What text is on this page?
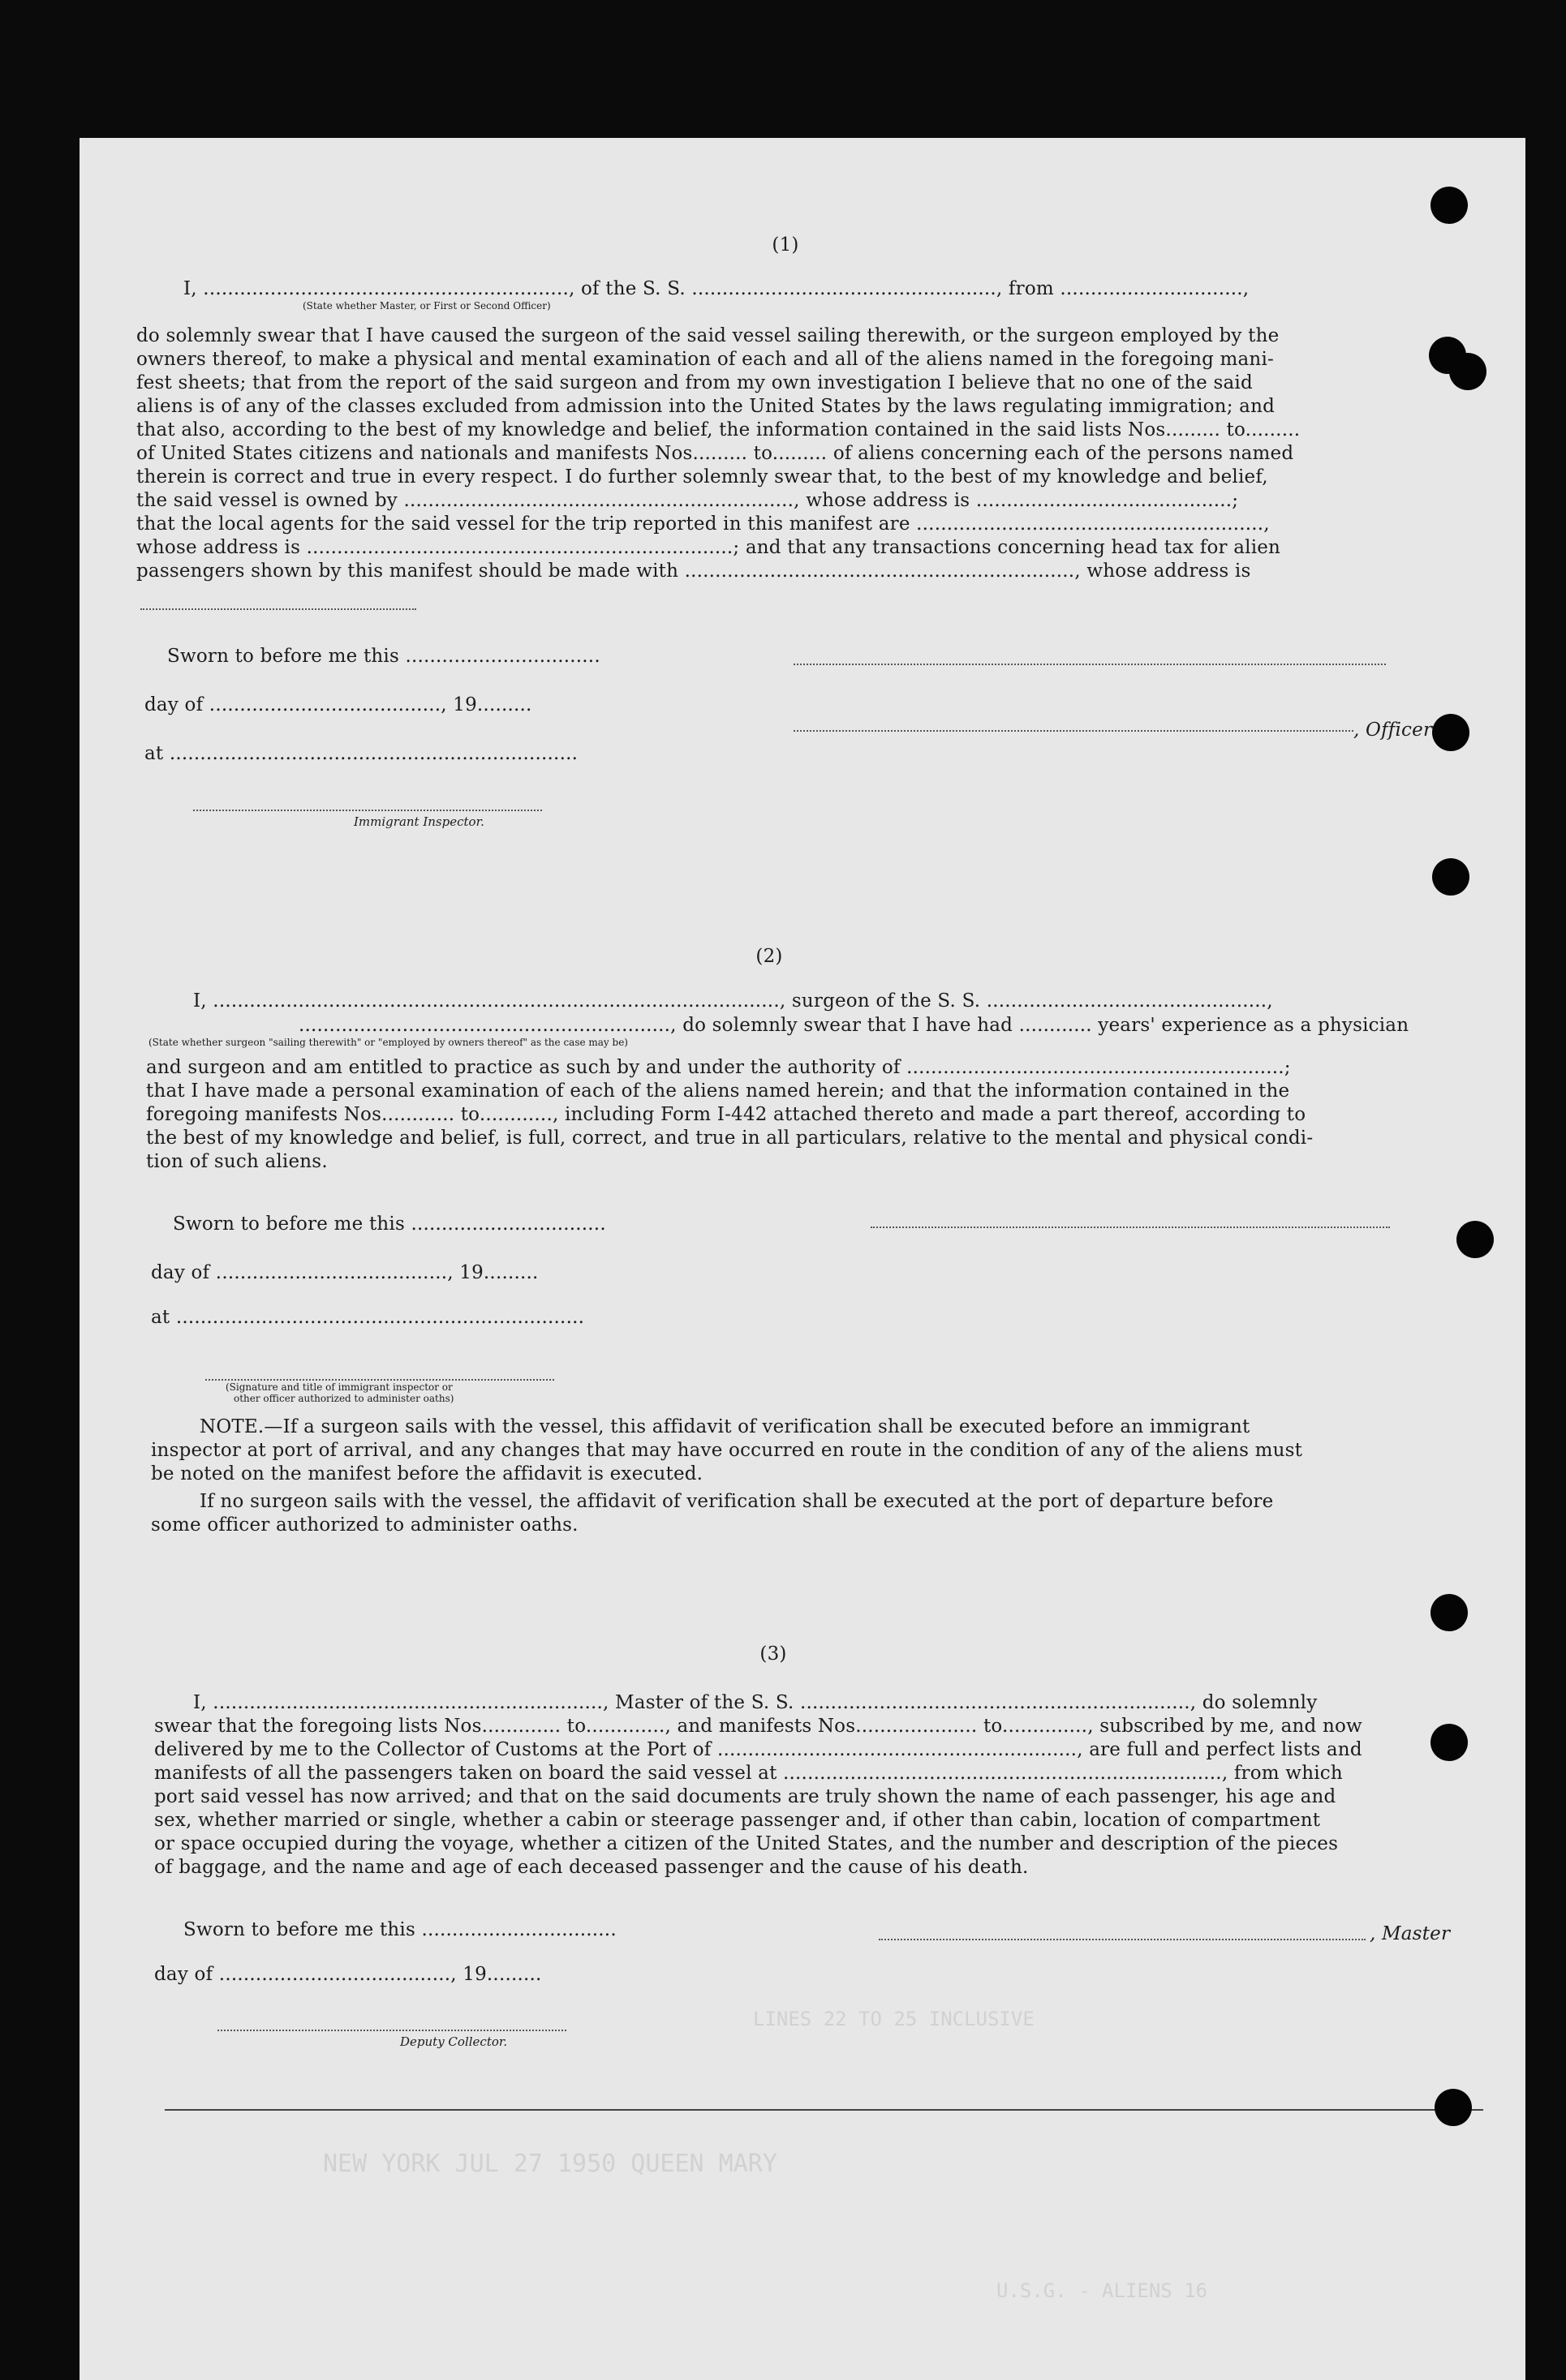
NEW YORK JUL 27 1950 QUEEN MARY
LINES 22 TO 25 INCLUSIVE
U.S.G. - ALIENS 16
(1)
I, ............................................................, of the S. S. .................................................., from ..............................,
(State whether Master, or First or Second Officer)
do solemnly swear that I have caused the surgeon of the said vessel sailing therewith, or the surgeon employed by the
owners thereof, to make a physical and mental examination of each and all of the aliens named in the foregoing mani-
fest sheets; that from the report of the said surgeon and from my own investigation I believe that no one of the said
aliens is of any of the classes excluded from admission into the United States by the laws regulating immigration; and
that also, according to the best of my knowledge and belief, the information contained in the said lists Nos......... to.........
of United States citizens and nationals and manifests Nos......... to......... of aliens concerning each of the persons named
therein is correct and true in every respect. I do further solemnly swear that, to the best of my knowledge and belief,
the said vessel is owned by ................................................................, whose address is ..........................................;
that the local agents for the said vessel for the trip reported in this manifest are .........................................................,
whose address is ......................................................................; and that any transactions concerning head tax for alien
passengers shown by this manifest should be made with ................................................................, whose address is
Sworn to before me this ................................
day of ......................................, 19.........
, Officer
at ...................................................................
Immigrant Inspector.
(2)
I, ............................................................................................., surgeon of the S. S. ..............................................,
............................................................., do solemnly swear that I have had ............ years' experience as a physician
(State whether surgeon "sailing therewith" or "employed by owners thereof" as the case may be)
and surgeon and am entitled to practice as such by and under the authority of ..............................................................;
that I have made a personal examination of each of the aliens named herein; and that the information contained in the
foregoing manifests Nos............ to............, including Form I-442 attached thereto and made a part thereof, according to
the best of my knowledge and belief, is full, correct, and true in all particulars, relative to the mental and physical condi-
tion of such aliens.
Sworn to before me this ................................
day of ......................................, 19.........
at ...................................................................
(Signature and title of immigrant inspector or
other officer authorized to administer oaths)
NOTE.—If a surgeon sails with the vessel, this affidavit of verification shall be executed before an immigrant
inspector at port of arrival, and any changes that may have occurred en route in the condition of any of the aliens must
be noted on the manifest before the affidavit is executed.
If no surgeon sails with the vessel, the affidavit of verification shall be executed at the port of departure before
some officer authorized to administer oaths.
(3)
I, ................................................................, Master of the S. S. ................................................................, do solemnly
swear that the foregoing lists Nos............. to............., and manifests Nos.................... to.............., subscribed by me, and now
delivered by me to the Collector of Customs at the Port of ..........................................................., are full and perfect lists and
manifests of all the passengers taken on board the said vessel at ........................................................................, from which
port said vessel has now arrived; and that on the said documents are truly shown the name of each passenger, his age and
sex, whether married or single, whether a cabin or steerage passenger and, if other than cabin, location of compartment
or space occupied during the voyage, whether a citizen of the United States, and the number and description of the pieces
of baggage, and the name and age of each deceased passenger and the cause of his death.
Sworn to before me this ................................	, Master
day of ......................................, 19.........
Deputy Collector.
